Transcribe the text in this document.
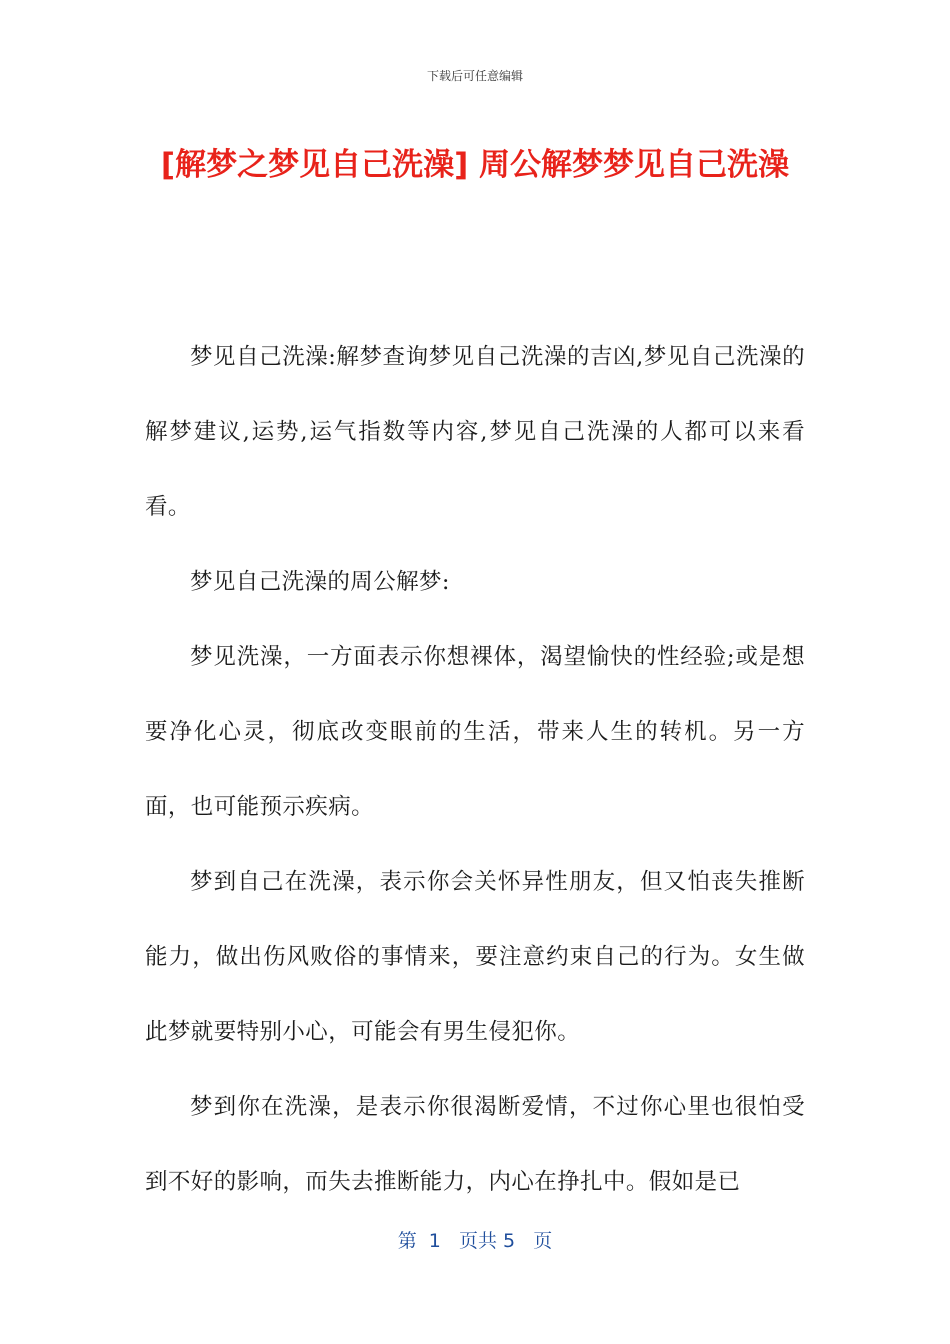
下载后可任意编辑
[解梦之梦见自己洗澡] 周公解梦梦见自己洗澡

梦见自己洗澡:解梦查询梦见自己洗澡的吉凶,梦见自己洗澡的解梦建议,运势,运气指数等内容,梦见自己洗澡的人都可以来看看。

梦见自己洗澡的周公解梦:

梦见洗澡，一方面表示你想裸体，渴望愉快的性经验;或是想要净化心灵，彻底改变眼前的生活，带来人生的转机。另一方面，也可能预示疾病。

梦到自己在洗澡，表示你会关怀异性朋友，但又怕丧失推断能力，做出伤风败俗的事情来，要注意约束自己的行为。女生做此梦就要特别小心，可能会有男生侵犯你。

梦到你在洗澡，是表示你很渴断爱情，不过你心里也很怕受到不好的影响，而失去推断能力，内心在挣扎中。假如是已

第  1   页共 5   页
